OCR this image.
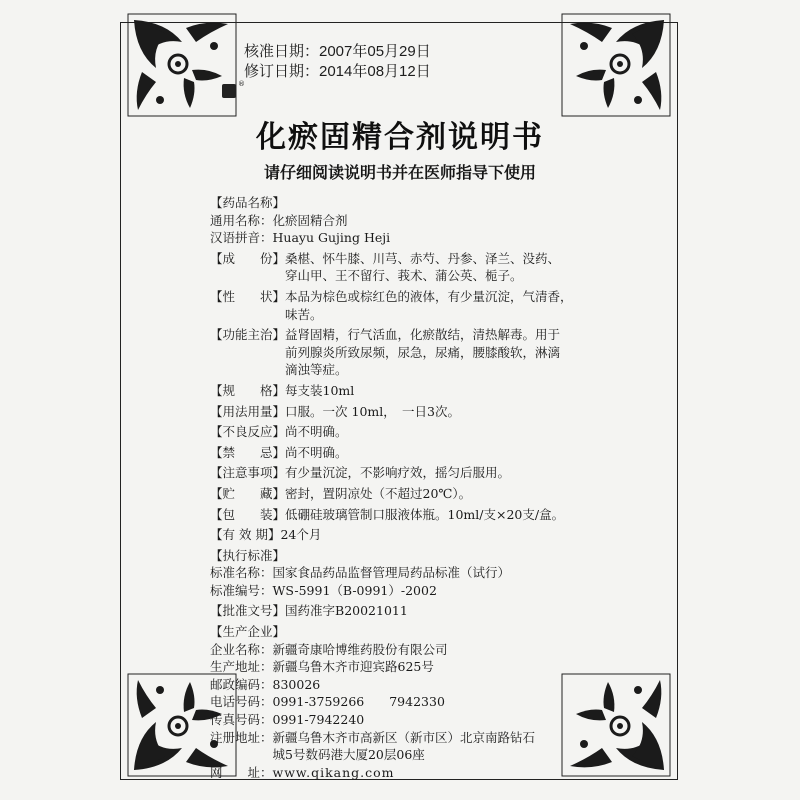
核准日期：2007年05月29日
修订日期：2014年08月12日
®
化瘀固精合剂说明书
请仔细阅读说明书并在医师指导下使用
【药品名称】
通用名称： 化瘀固精合剂
汉语拼音： Huayu Gujing Heji
【成　　份】 桑椹、怀牛膝、川芎、赤芍、丹参、泽兰、没药、
穿山甲、王不留行、莪术、蒲公英、栀子。
【性　　状】 本品为棕色或棕红色的液体，有少量沉淀，气清香，
味苦。
【功能主治】 益肾固精，行气活血，化瘀散结，清热解毒。用于
前列腺炎所致尿频，尿急，尿痛，腰膝酸软，淋漓
滴浊等症。
【规　　格】 每支装10ml
【用法用量】 口服。一次 10ml，　一日3次。
【不良反应】 尚不明确。
【禁　　忌】 尚不明确。
【注意事项】 有少量沉淀，不影响疗效，摇匀后服用。
【贮　　藏】 密封，置阴凉处（不超过20℃）。
【包　　装】 低硼硅玻璃管制口服液体瓶。10ml/支×20支/盒。
【有 效 期】 24个月
【执行标准】
标准名称： 国家食品药品监督管理局药品标准（试行）
标准编号： WS-5991（B-0991）-2002
【批准文号】 国药准字B20021011
【生产企业】
企业名称： 新疆奇康哈博维药股份有限公司
生产地址： 新疆乌鲁木齐市迎宾路625号
邮政编码： 830026
电话号码： 0991-3759266　　7942330
传真号码： 0991-7942240
注册地址： 新疆乌鲁木齐市高新区（新市区）北京南路钻石
城5号数码港大厦20层06座
网　　址： www.qikang.com
